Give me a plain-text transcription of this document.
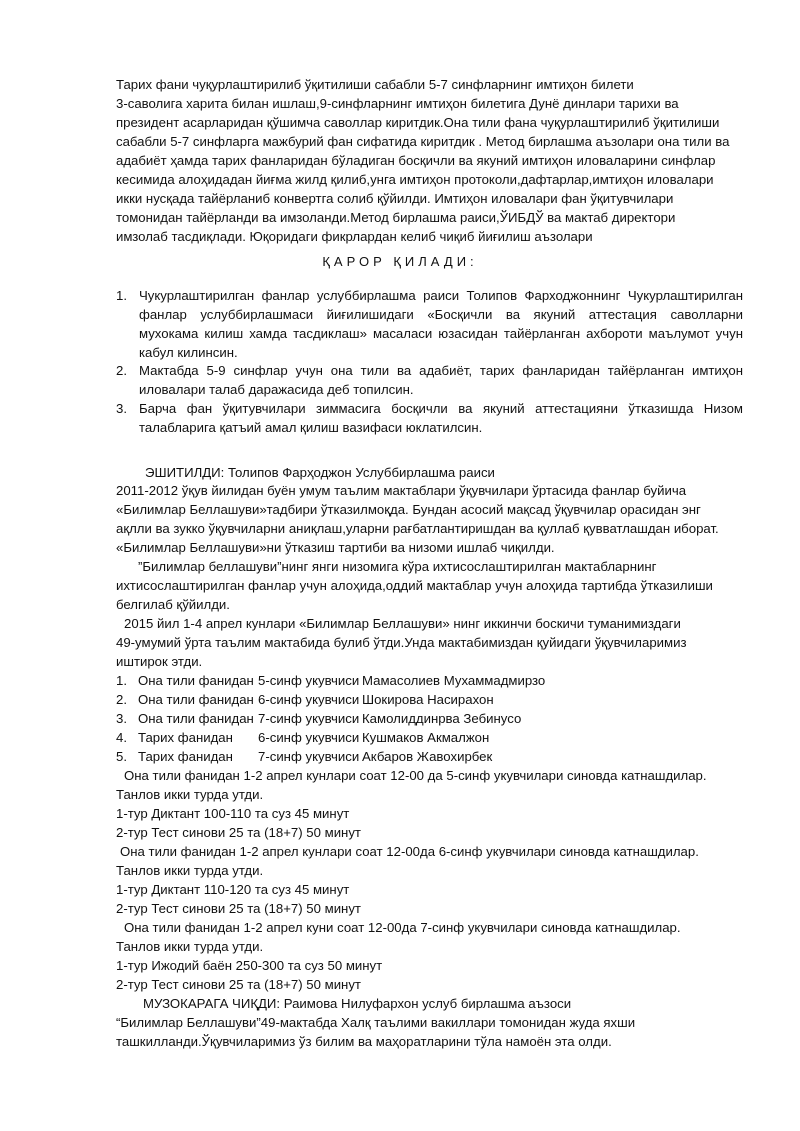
Тарих фани чуқурлаштирилиб ўқитилиши сабабли 5-7 синфларнинг имтиҳон билети
3-саволига харита билан ишлаш,9-синфларнинг имтиҳон билетига Дунё динлари тарихи ва
президент асарларидан қўшимча саволлар киритдик.Она тили фана чуқурлаштирилиб ўқитилиши
сабабли 5-7 синфларга мажбурий фан сифатида киритдик . Метод бирлашма аъзолари она тили ва
адабиёт ҳамда тарих фанларидан бўладиган босқичли ва якуний имтиҳон иловаларини синфлар
кесимида алоҳидадан йиғма жилд қилиб,унга имтиҳон протоколи,дафтарлар,имтиҳон иловалари
икки нусқада тайёрланиб конвертга солиб қўйилди. Имтиҳон иловалари фан ўқитувчилари
томонидан тайёрланди ва имзоланди.Метод бирлашма раиси,ЎИБДЎ ва мактаб директори
имзолаб тасдиқлади. Юқоридаги фикрлардан келиб чиқиб йиғилиш аъзолари
ҚАРОР ҚИЛАДИ:
1. Чукурлаштирилган фанлар услуббирлашма раиси Толипов Фарходжоннинг Чукурлаштирилган
фанлар услуббирлашмаси йиғилишидаги «Босқичли ва якуний аттестация саволларни
мухокама килиш хамда тасдиклаш» масаласи юзасидан тайёрланган ахбороти маълумот учун
кабул килинсин.
2. Мактабда 5-9 синфлар учун она тили ва адабиёт, тарих фанларидан тайёрланган имтиҳон
иловалари талаб даражасида деб топилсин.
3. Барча фан ўқитувчилари зиммасига босқичли ва якуний аттестацияни ўтказишда Низом
талабларига қатъий амал қилиш вазифаси юклатилсин.
ЭШИТИЛДИ: Толипов Фарҳоджон Услуббирлашма раиси
2011-2012 ўқув йилидан буён умум таълим мактаблари ўқувчилари ўртасида фанлар буйича
«Билимлар Беллашуви»тадбири ўтказилмоқда. Бундан асосий мақсад ўқувчилар орасидан энг
ақлли ва зукко ўқувчиларни аниқлаш,уларни рағбатлантиришдан ва қуллаб қувватлашдан иборат.
«Билимлар Беллашуви»ни ўтказиш тартиби ва низоми ишлаб чиқилди.
”Билимлар беллашуви”нинг янги низомига кўра ихтисослаштирилган мактабларнинг
ихтисослаштирилган фанлар учун алоҳида,оддий мактаблар учун алоҳида тартибда ўтказилиши
белгилаб қўйилди.
2015 йил 1-4 апрел кунлари «Билимлар Беллашуви» нинг иккинчи боскичи туманимиздаги
49-умумий ўрта таълим мактабида булиб ўтди.Унда мактабимиздан қуйидаги ўқувчиларимиз
иштирок этди.
1. Она тили фанидан 5-синф укувчиси Мамасолиев Мухаммадмирзо
2. Она тили фанидан 6-синф укувчиси Шокирова Насирахон
3. Она тили фанидан 7-синф укувчиси Камолиддинрва Зебинусо
4. Тарих фанидан 6-синф укувчиси Кушмаков Акмалжон
5. Тарих фанидан 7-синф укувчиси Акбаров Жавохирбек
Она тили фанидан 1-2 апрел кунлари соат 12-00 да 5-синф укувчилари синовда катнашдилар.
Танлов икки турда утди.
1-тур Диктант 100-110 та суз 45 минут
2-тур Тест синови 25 та (18+7) 50 минут
Она тили фанидан 1-2 апрел кунлари соат 12-00да 6-синф укувчилари синовда катнашдилар.
Танлов икки турда утди.
1-тур Диктант 110-120 та суз 45 минут
2-тур Тест синови 25 та (18+7) 50 минут
Она тили фанидан 1-2 апрел куни соат 12-00да 7-синф укувчилари синовда катнашдилар.
Танлов икки турда утди.
1-тур Ижодий баён 250-300 та суз 50 минут
2-тур Тест синови 25 та (18+7) 50 минут
МУЗОКАРАГА ЧИҚДИ: Раимова Нилуфархон услуб бирлашма аъзоси
“Билимлар Беллашуви”49-мактабда Халқ таълими вакиллари томонидан жуда яхши
ташкилланди.Ўқувчиларимиз ўз билим ва маҳоратларини тўла намоён эта олди.
